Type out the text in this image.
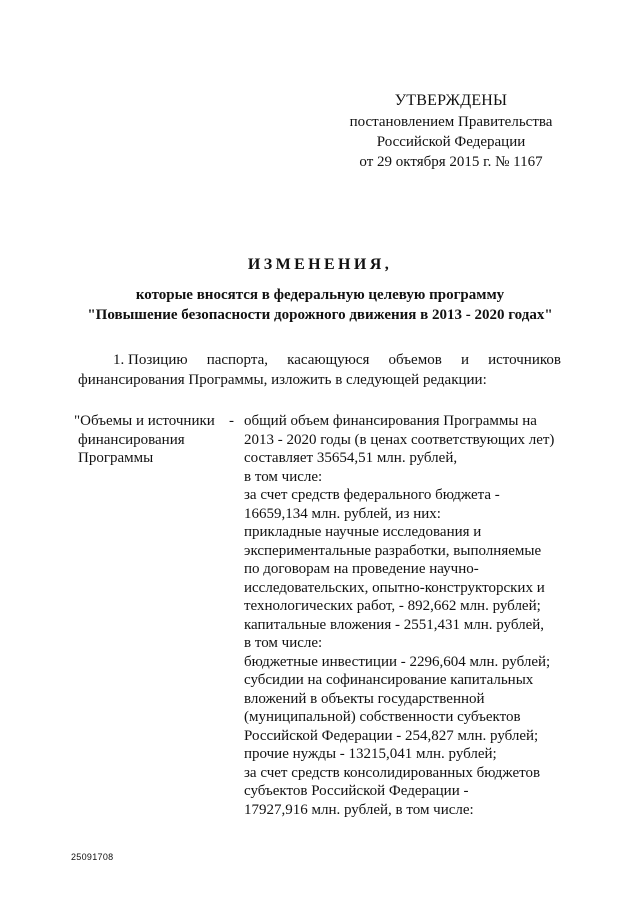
УТВЕРЖДЕНЫ
постановлением Правительства
Российской Федерации
от 29 октября 2015 г. № 1167
ИЗМЕНЕНИЯ,
которые вносятся в федеральную целевую программу
"Повышение безопасности дорожного движения в 2013 - 2020 годах"
1. Позицию паспорта, касающуюся объемов и источников
финансирования Программы, изложить в следующей редакции:
"Объемы и источники
финансирования
Программы
- общий объем финансирования Программы на
2013 - 2020 годы (в ценах соответствующих лет)
составляет 35654,51 млн. рублей,
в том числе:
за счет средств федерального бюджета -
16659,134 млн. рублей, из них:
прикладные научные исследования и
экспериментальные разработки, выполняемые
по договорам на проведение научно-
исследовательских, опытно-конструкторских и
технологических работ, - 892,662 млн. рублей;
капитальные вложения - 2551,431 млн. рублей,
в том числе:
бюджетные инвестиции - 2296,604 млн. рублей;
субсидии на софинансирование капитальных
вложений в объекты государственной
(муниципальной) собственности субъектов
Российской Федерации - 254,827 млн. рублей;
прочие нужды - 13215,041 млн. рублей;
за счет средств консолидированных бюджетов
субъектов Российской Федерации -
17927,916 млн. рублей, в том числе:
25091708
